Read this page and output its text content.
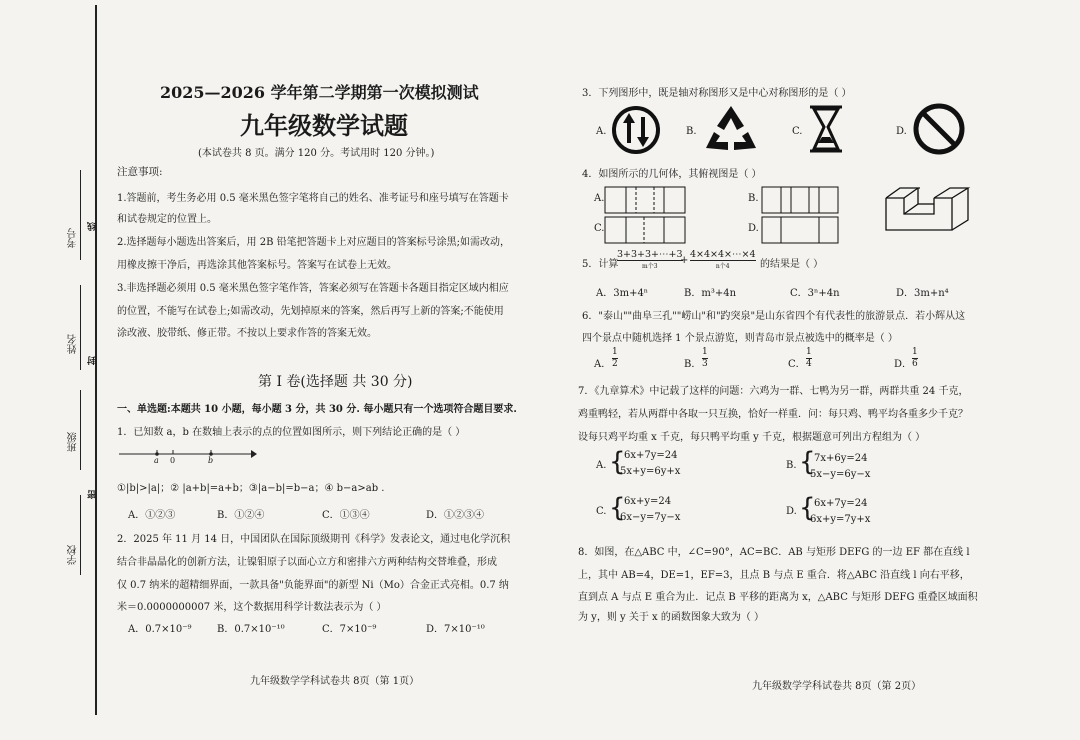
考号
姓名
班级
学校
线
封
密
2025—2026 学年第二学期第一次模拟测试
九年级数学试题
(本试卷共 8 页。满分 120 分。考试用时 120 分钟。)
注意事项:
1.答题前，考生务必用 0.5 毫米黑色签字笔将自己的姓名、准考证号和座号填写在答题卡
和试卷规定的位置上。
2.选择题每小题选出答案后，用 2B 铅笔把答题卡上对应题目的答案标号涂黑;如需改动，
用橡皮擦干净后，再选涂其他答案标号。答案写在试卷上无效。
3.非选择题必须用 0.5 毫米黑色签字笔作答，答案必须写在答题卡各题目指定区域内相应
的位置，不能写在试卷上;如需改动，先划掉原来的答案，然后再写上新的答案;不能使用
涂改液、胶带纸、修正带。不按以上要求作答的答案无效。
第 I 卷(选择题 共 30 分)
一、单选题:本题共 10 小题，每小题 3 分，共 30 分. 每小题只有一个选项符合题目要求.
1．已知数 a，b 在数轴上表示的点的位置如图所示，则下列结论正确的是（ ）
a 0	b
①|b|>|a|；② |a+b|=a+b；③|a−b|=b−a；④ b−a>ab .
A．①②③	B．①②④	C．①③④	D．①②③④
2．2025 年 11 月 14 日，中国团队在国际顶级期刊《科学》发表论文，通过电化学沉积
结合非晶晶化的创新方法，让镍钼原子以面心立方和密排六方两种结构交替堆叠，形成
仅 0.7 纳米的超精细界面，一款具备"负能界面"的新型 Ni（Mo）合金正式亮相。0.7 纳
米＝0.0000000007 米，这个数据用科学计数法表示为（ ）
A．0.7×10⁻⁹	B．0.7×10⁻¹⁰	C．7×10⁻⁹	D．7×10⁻¹⁰
九年级数学学科试卷共 8页（第 1页）
3．下列图形中，既是轴对称图形又是中心对称图形的是（ ）
A.	B.	C.	D.
4．如图所示的几何体，其俯视图是（ ）
A.	B.
C.	D.
5．计算
3+3+3+⋯+3
m个3
+
4×4×4×⋯×4
n个4	的结果是（ ）
A．3m+4ⁿ	B．m³+4n	C．3ⁿ+4n	D．3m+n⁴
6．"泰山""曲阜三孔""崂山"和"趵突泉"是山东省四个有代表性的旅游景点．若小辉从这
四个景点中随机选择 1 个景点游览，则青岛市景点被选中的概率是（ ）
A． $\frac{1}{2}$	B． $\frac{1}{3}$	C． $\frac{1}{4}$	D． $\frac{1}{6}$
7．《九章算术》中记载了这样的问题：六鸡为一群、七鸭为另一群，两群共重 24 千克，
鸡重鸭轻，若从两群中各取一只互换，恰好一样重．问：每只鸡、鸭平均各重多少千克？
设每只鸡平均重 x 千克，每只鸭平均重 y 千克，根据题意可列出方程组为（ ）
A. {
6x+7y=24
5x+y=6y+x
B. {
7x+6y=24
5x−y=6y−x
C. {
6x+y=24
6x−y=7y−x
D. {
6x+7y=24
6x+y=7y+x
8．如图，在△ABC 中，∠C=90°，AC=BC．AB 与矩形 DEFG 的一边 EF 都在直线 l
上，其中 AB=4，DE=1，EF=3，且点 B 与点 E 重合．将△ABC 沿直线 l 向右平移，
直到点 A 与点 E 重合为止．记点 B 平移的距离为 x，△ABC 与矩形 DEFG 重叠区域面积
为 y，则 y 关于 x 的函数图象大致为（ ）
九年级数学学科试卷共 8页（第 2页）
